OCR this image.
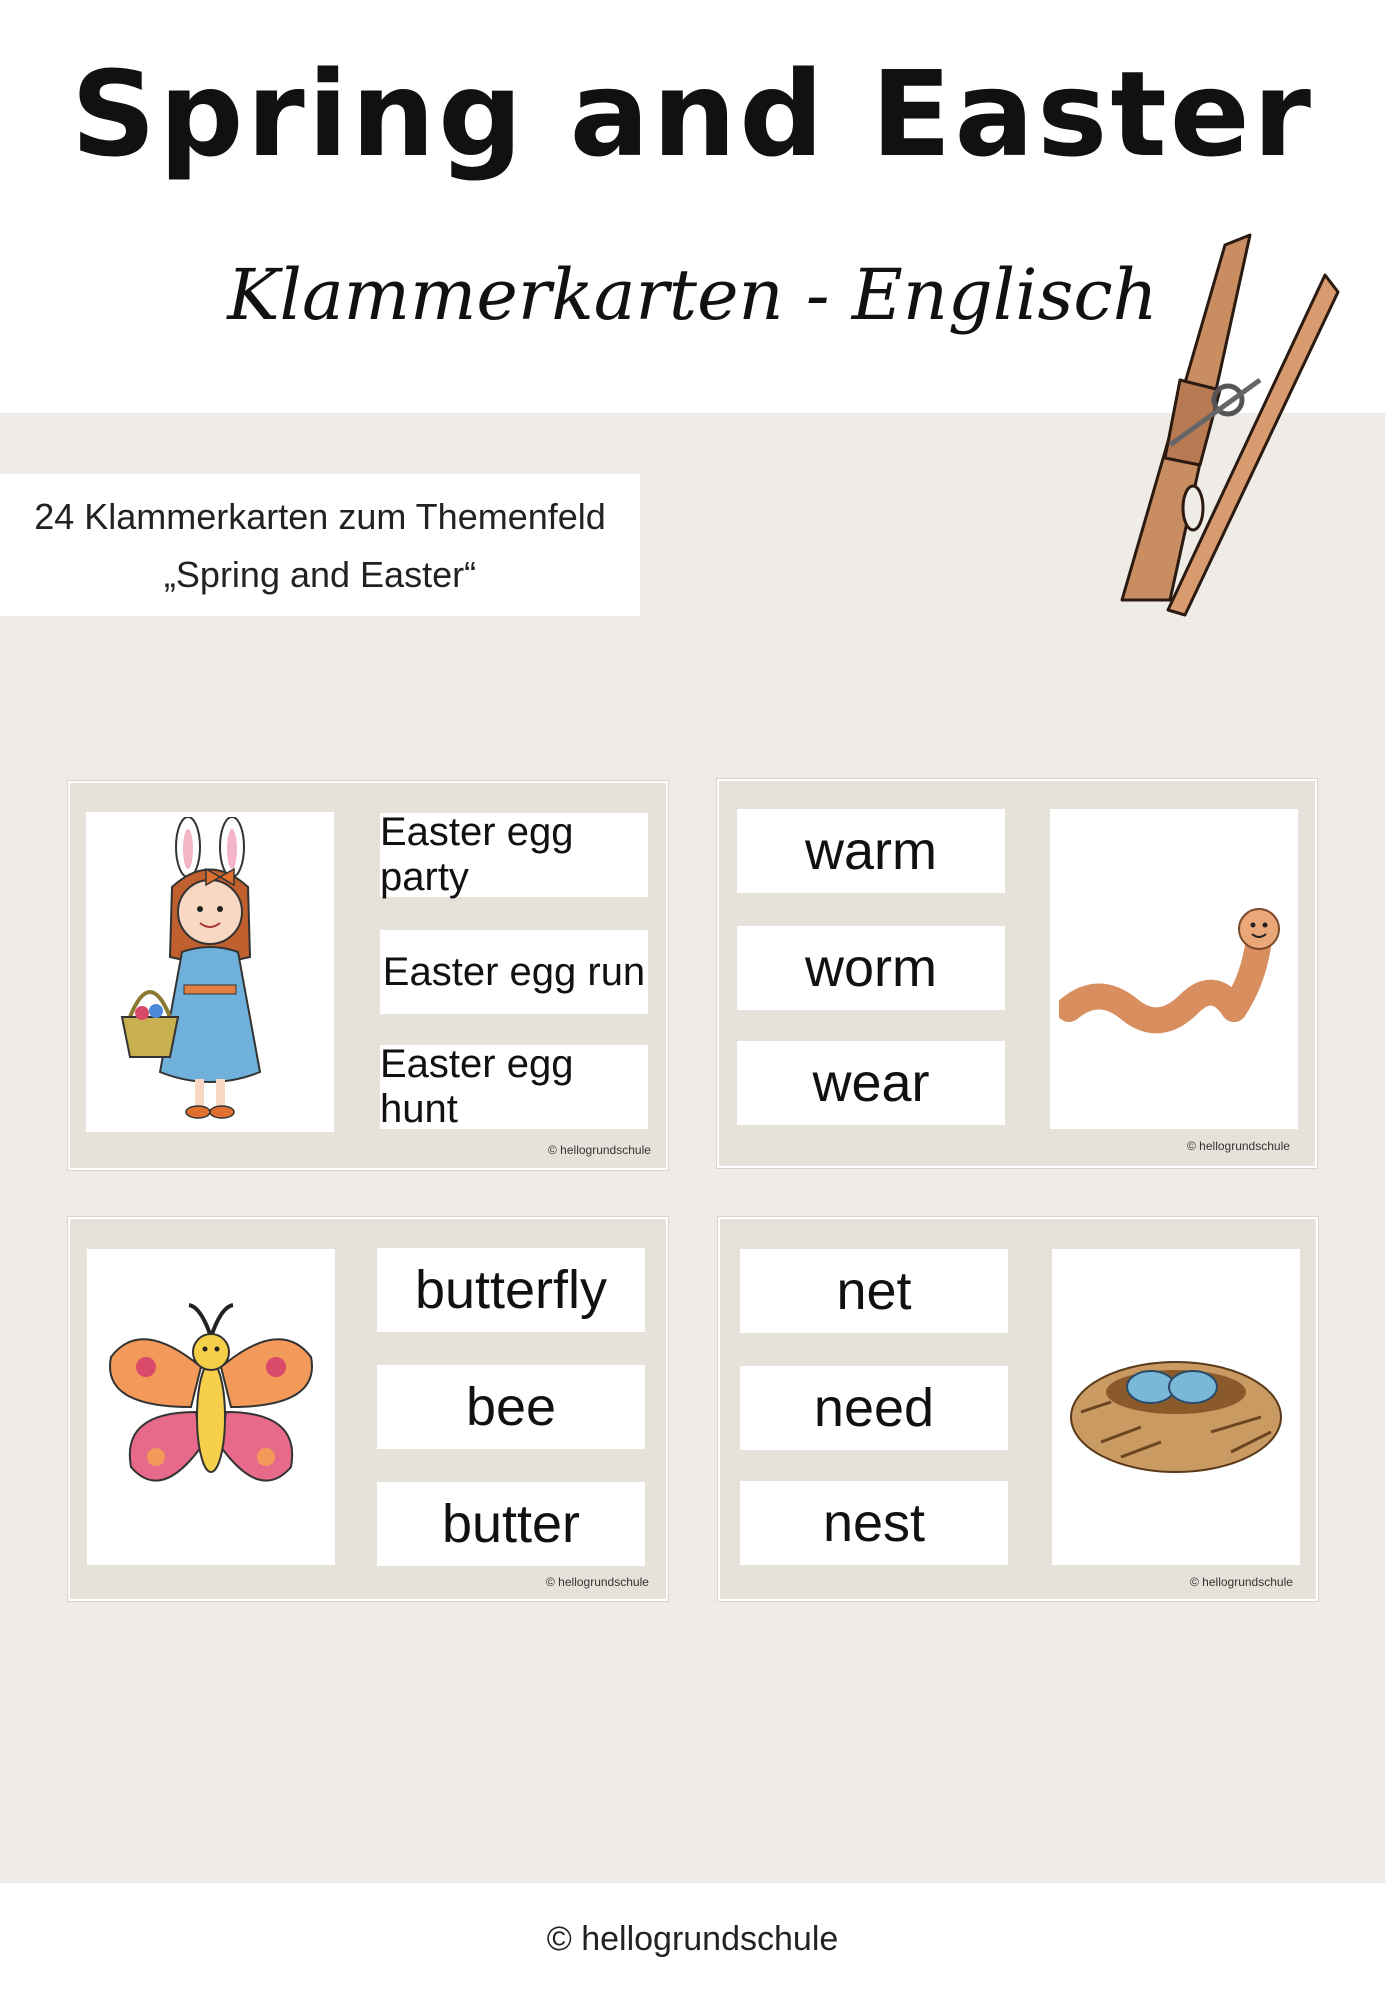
Spring and Easter
Klammerkarten - Englisch
24 Klammerkarten zum Themenfeld
„Spring and Easter“
Easter egg party
Easter egg run
Easter egg hunt
© hellogrundschule
warm
worm
wear
© hellogrundschule
butterfly
bee
butter
© hellogrundschule
net
need
nest
© hellogrundschule
© hellogrundschule
